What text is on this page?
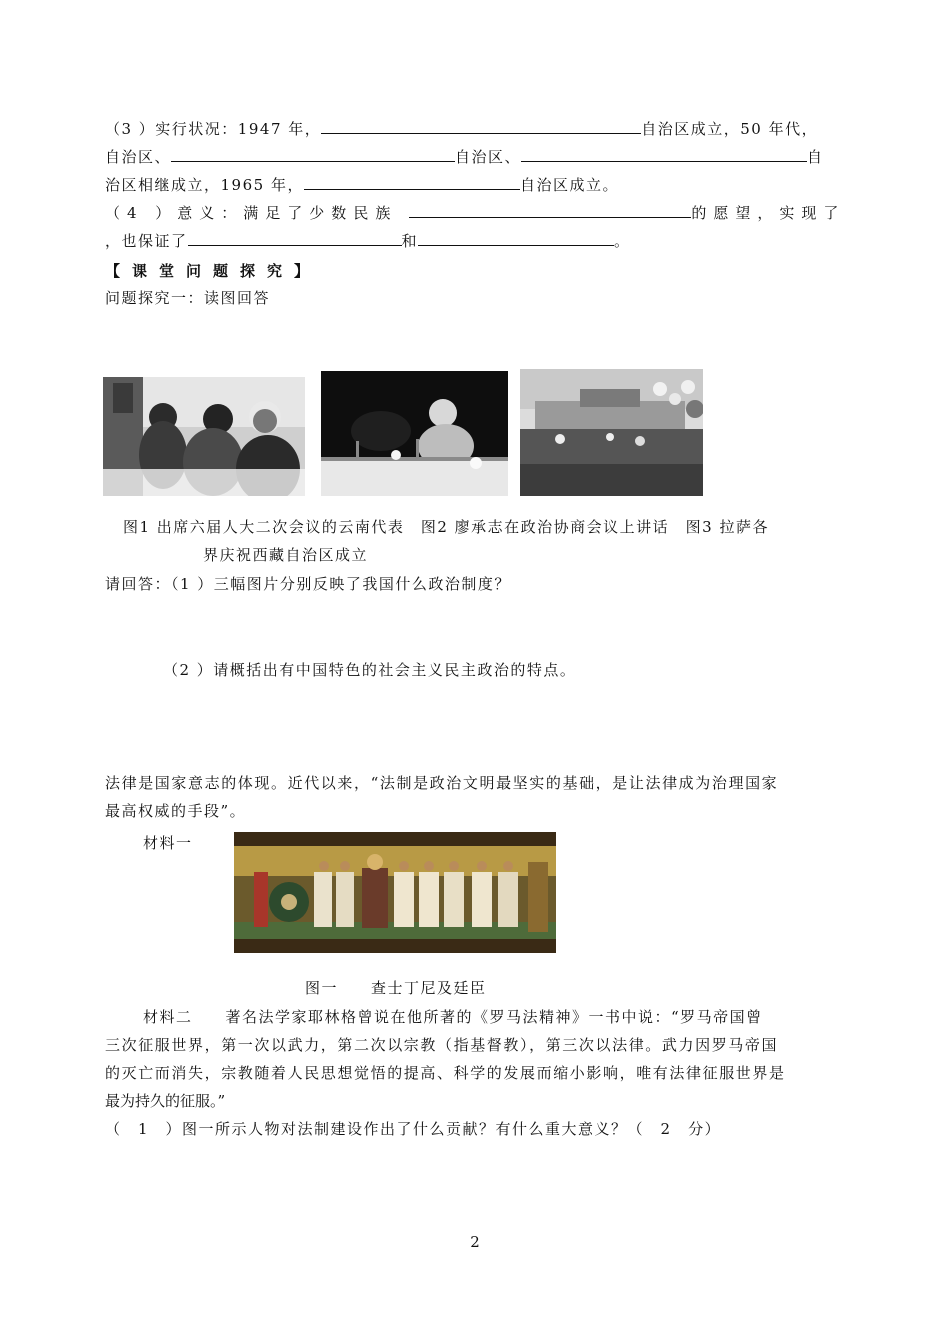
（3 ）实行状况：1947 年，	自治区成立，50 年代，
自治区、	自治区、	自
治区相继成立，1965 年，	自治区成立。
（4 ）意义：满足了少数民族	的愿望，实现了
，也保证了	和	。
【课堂问题探究】
问题探究一：读图回答
图1 出席六届人大二次会议的云南代表　图2 廖承志在政治协商会议上讲话　图3 拉萨各
界庆祝西藏自治区成立
请回答：（1 ）三幅图片分别反映了我国什么政治制度？
（2 ）请概括出有中国特色的社会主义民主政治的特点。
法律是国家意志的体现。近代以来，“法制是政治文明最坚实的基础，是让法律成为治理国家
最高权威的手段”。
材料一
图一　　查士丁尼及廷臣
材料二　　著名法学家耶林格曾说在他所著的《罗马法精神》一书中说：“罗马帝国曾
三次征服世界，第一次以武力，第二次以宗教（指基督教），第三次以法律。武力因罗马帝国
的灭亡而消失，宗教随着人民思想觉悟的提高、科学的发展而缩小影响，唯有法律征服世界是
最为持久的征服。”
（　1　）图一所示人物对法制建设作出了什么贡献？有什么重大意义？（　2　分）
2
